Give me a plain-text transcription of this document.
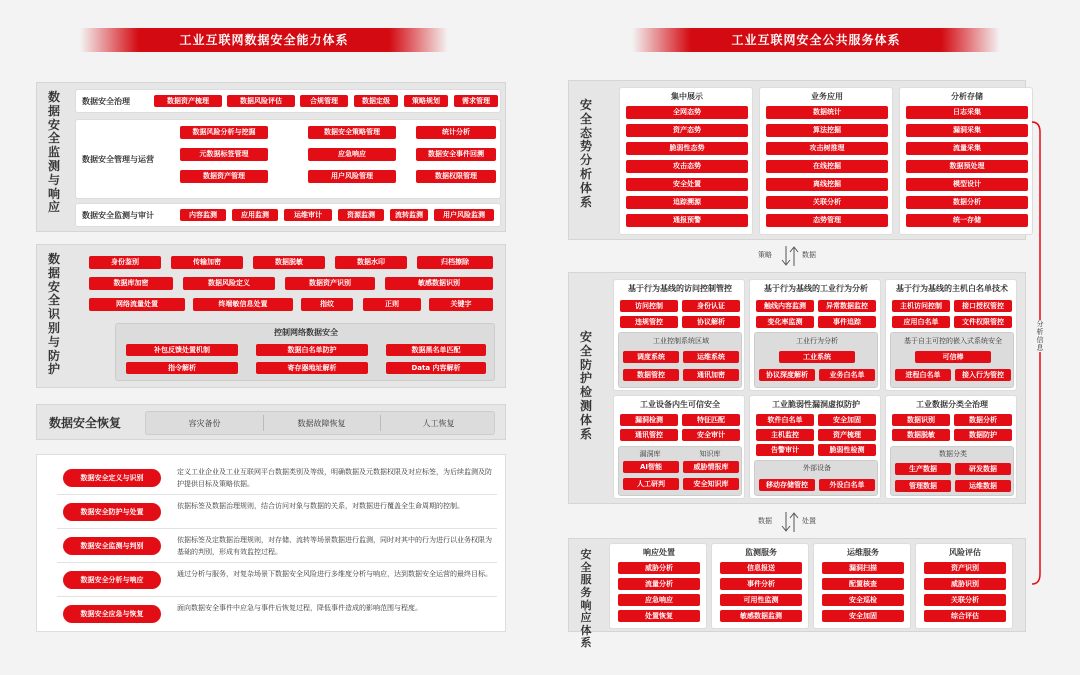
工业互联网数据安全能力体系
数
据
安
全
监
测
与
响
应
数据安全治理	数据资产梳理	数据风险评估	合规管理	数据定级	策略规划	需求管理
数据安全管理与运营
数据风险分析与挖掘	数据安全策略管理	统计分析
元数据标签管理	应急响应	数据安全事件回溯
数据资产管理	用户风险管理	数据权限管理
数据安全监测与审计	内容监测	应用监测	运维审计	资源监测	流转监测	用户风险监测
数
据
安
全
识
别
与
防
护
控制网络数据安全
补包反馈处置机制	数据白名单防护	数据黑名单匹配
指令解析	寄存器地址解析	Data 内容解析
身份鉴别	传输加密	数据脱敏	数据水印	归档擦除
数据库加密	数据风险定义	数据资产识别	敏感数据识别
网络流量处置	终端敏信息处置	指纹	正则	关键字
数据安全恢复	容灾备份	数据故障恢复	人工恢复
数据安全定义与识别
定义工业企业及工业互联网平台数据类别及等级，明确数据及元数据权限及对应标签，为后续监测及防护提供目标及策略依据。
数据安全防护与处置
依据标签及数据治理规则，结合访问对象与数据的关系，对数据进行覆盖全生命周期的控制。
数据安全监测与判别
依据标签及定数据治理规则，对存储、流转等场景数据进行监测，同时对其中的行为进行以业务权限为基础的判别，形成有效监控过程。
数据安全分析与响应
通过分析与服务，对复杂场景下数据安全风险进行多维度分析与响应，达到数据安全运营的最终目标。
数据安全应急与恢复
面向数据安全事件中应急与事件后恢复过程，降低事件造成的影响范围与程度。
工业互联网安全公共服务体系
安
全
态
势
分
析
体
系
集中展示
全网态势
资产态势
脆弱性态势
攻击态势
安全处置
追踪溯源
通报预警
业务应用
数据统计
算法挖掘
攻击树推理
在线挖掘
离线挖掘
关联分析
态势管理
分析存储
日志采集
漏洞采集
流量采集
数据预处理
模型设计
数据分析
统一存储
策略	数据
安
全
防
护
检
测
体
系
基于行为基线的访问控制管控
访问控制	身份认证
违规管控	协议解析
工业控制系统区域
调度系统	运维系统
数据管控	通讯加密
基于行为基线的工业行为分析
触线内容监测	异常数据监控
变化率监测	事件追踪
工业行为分析
工业系统
协议深度解析	业务白名单
基于行为基线的主机白名单技术
主机访问控制	接口授权管控
应用白名单	文件权限管控
基于自主可控的嵌入式系统安全
可信棒
进程白名单	接入行为管控
工业设备内生可信安全
漏洞检测	特征匹配
通讯管控	安全审计
漏洞库	知识库
AI智能	威胁情报库
人工研判	安全知识库
工业脆弱性漏洞虚拟防护
软件白名单	安全加固
主机监控	资产梳理
告警审计	脆弱性检测
外部设备
移动存储管控	外设白名单
工业数据分类全治理
数据识别	数据分析
数据脱敏	数据防护
数据分类
生产数据	研发数据
管理数据	运维数据
数据	处置
安
全
服
务
响
应
体
系
响应处置
威胁分析
流量分析
应急响应
处置恢复
监测服务
信息报送
事件分析
可用性监测
敏感数据监测
运维服务
漏洞扫描
配置核查
安全巡检
安全加固
风险评估
资产识别
威胁识别
关联分析
综合评估
分
析
信
息
